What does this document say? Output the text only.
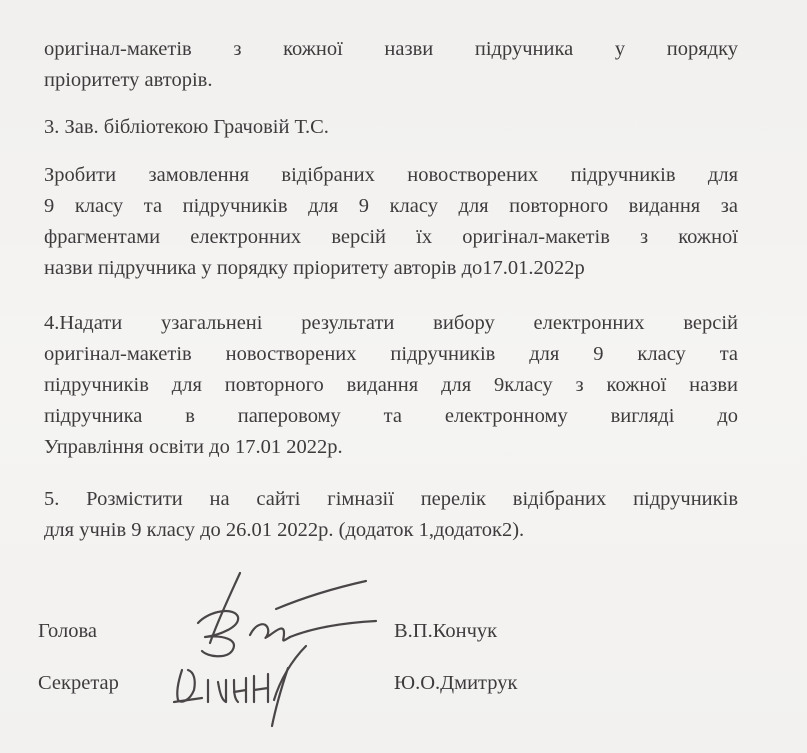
оригінал-макетів з кожної назви підручника у порядку
пріоритету авторів.
3. Зав. бібліотекою Грачовій Т.С.
Зробити замовлення відібраних новостворених підручників для
9 класу та підручників для 9 класу для повторного видання за
фрагментами електронних версій їх оригінал-макетів з кожної
назви підручника у порядку пріоритету авторів до17.01.2022р
4.Надати узагальнені результати вибору електронних версій
оригінал-макетів новостворених підручників для 9 класу та
підручників для повторного видання для 9класу з кожної назви
підручника в паперовому та електронному вигляді до
Управління освіти до 17.01 2022р.
5. Розмістити на сайті гімназії перелік відібраних підручників
для учнів 9 класу до 26.01 2022р. (додаток 1,додаток2).
Голова	В.П.Кончук
Секретар	Ю.О.Дмитрук
